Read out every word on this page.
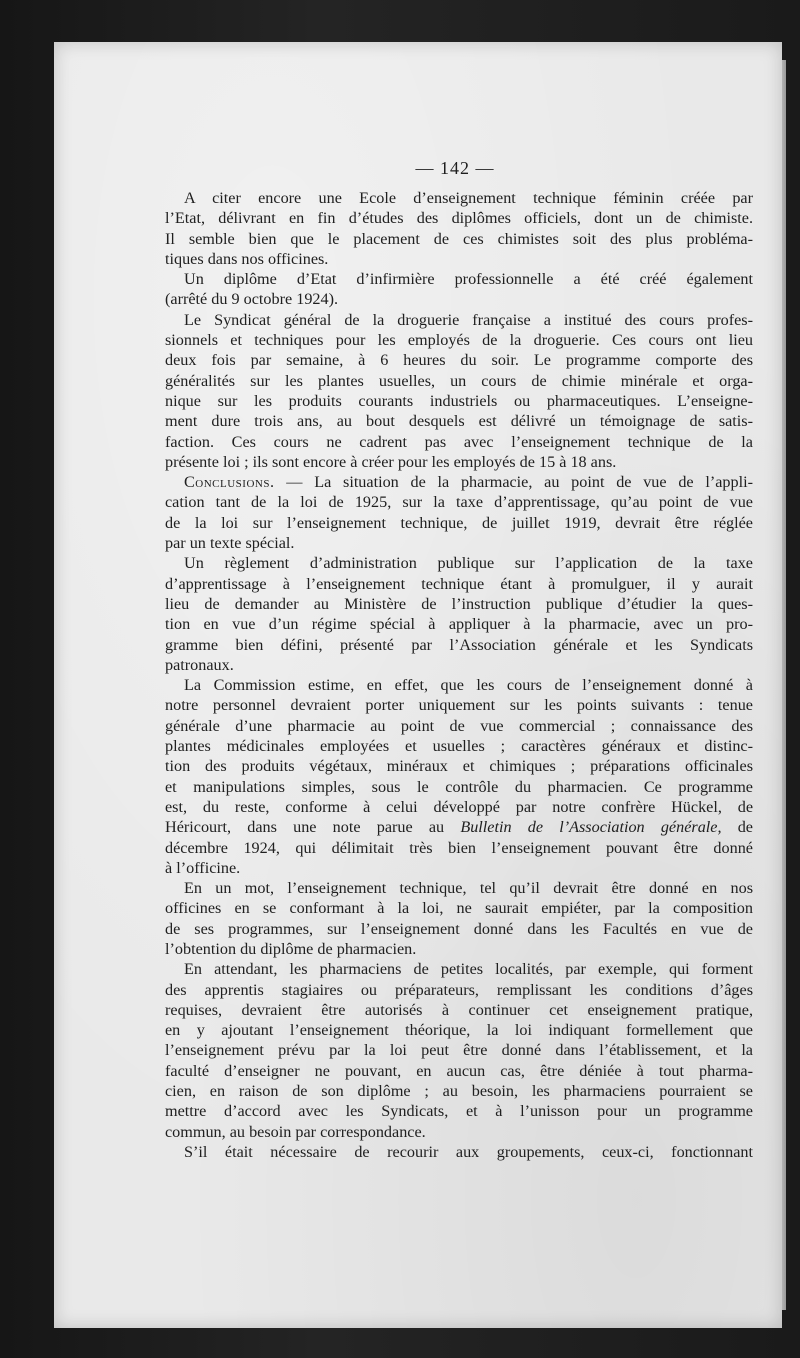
— 142 —
A citer encore une Ecole d’enseignement technique féminin créée par
l’Etat, délivrant en fin d’études des diplômes officiels, dont un de chimiste.
Il semble bien que le placement de ces chimistes soit des plus probléma-
tiques dans nos officines.
Un diplôme d’Etat d’infirmière professionnelle a été créé également
(arrêté du 9 octobre 1924).
Le Syndicat général de la droguerie française a institué des cours profes-
sionnels et techniques pour les employés de la droguerie. Ces cours ont lieu
deux fois par semaine, à 6 heures du soir. Le programme comporte des
généralités sur les plantes usuelles, un cours de chimie minérale et orga-
nique sur les produits courants industriels ou pharmaceutiques. L’enseigne-
ment dure trois ans, au bout desquels est délivré un témoignage de satis-
faction. Ces cours ne cadrent pas avec l’enseignement technique de la
présente loi ; ils sont encore à créer pour les employés de 15 à 18 ans.
Conclusions. — La situation de la pharmacie, au point de vue de l’appli-
cation tant de la loi de 1925, sur la taxe d’apprentissage, qu’au point de vue
de la loi sur l’enseignement technique, de juillet 1919, devrait être réglée
par un texte spécial.
Un règlement d’administration publique sur l’application de la taxe
d’apprentissage à l’enseignement technique étant à promulguer, il y aurait
lieu de demander au Ministère de l’instruction publique d’étudier la ques-
tion en vue d’un régime spécial à appliquer à la pharmacie, avec un pro-
gramme bien défini, présenté par l’Association générale et les Syndicats
patronaux.
La Commission estime, en effet, que les cours de l’enseignement donné à
notre personnel devraient porter uniquement sur les points suivants : tenue
générale d’une pharmacie au point de vue commercial ; connaissance des
plantes médicinales employées et usuelles ; caractères généraux et distinc-
tion des produits végétaux, minéraux et chimiques ; préparations officinales
et manipulations simples, sous le contrôle du pharmacien. Ce programme
est, du reste, conforme à celui développé par notre confrère Hückel, de
Héricourt, dans une note parue au Bulletin de l’Association générale, de
décembre 1924, qui délimitait très bien l’enseignement pouvant être donné
à l’officine.
En un mot, l’enseignement technique, tel qu’il devrait être donné en nos
officines en se conformant à la loi, ne saurait empiéter, par la composition
de ses programmes, sur l’enseignement donné dans les Facultés en vue de
l’obtention du diplôme de pharmacien.
En attendant, les pharmaciens de petites localités, par exemple, qui forment
des apprentis stagiaires ou préparateurs, remplissant les conditions d’âges
requises, devraient être autorisés à continuer cet enseignement pratique,
en y ajoutant l’enseignement théorique, la loi indiquant formellement que
l’enseignement prévu par la loi peut être donné dans l’établissement, et la
faculté d’enseigner ne pouvant, en aucun cas, être déniée à tout pharma-
cien, en raison de son diplôme ; au besoin, les pharmaciens pourraient se
mettre d’accord avec les Syndicats, et à l’unisson pour un programme
commun, au besoin par correspondance.
S’il était nécessaire de recourir aux groupements, ceux-ci, fonctionnant
